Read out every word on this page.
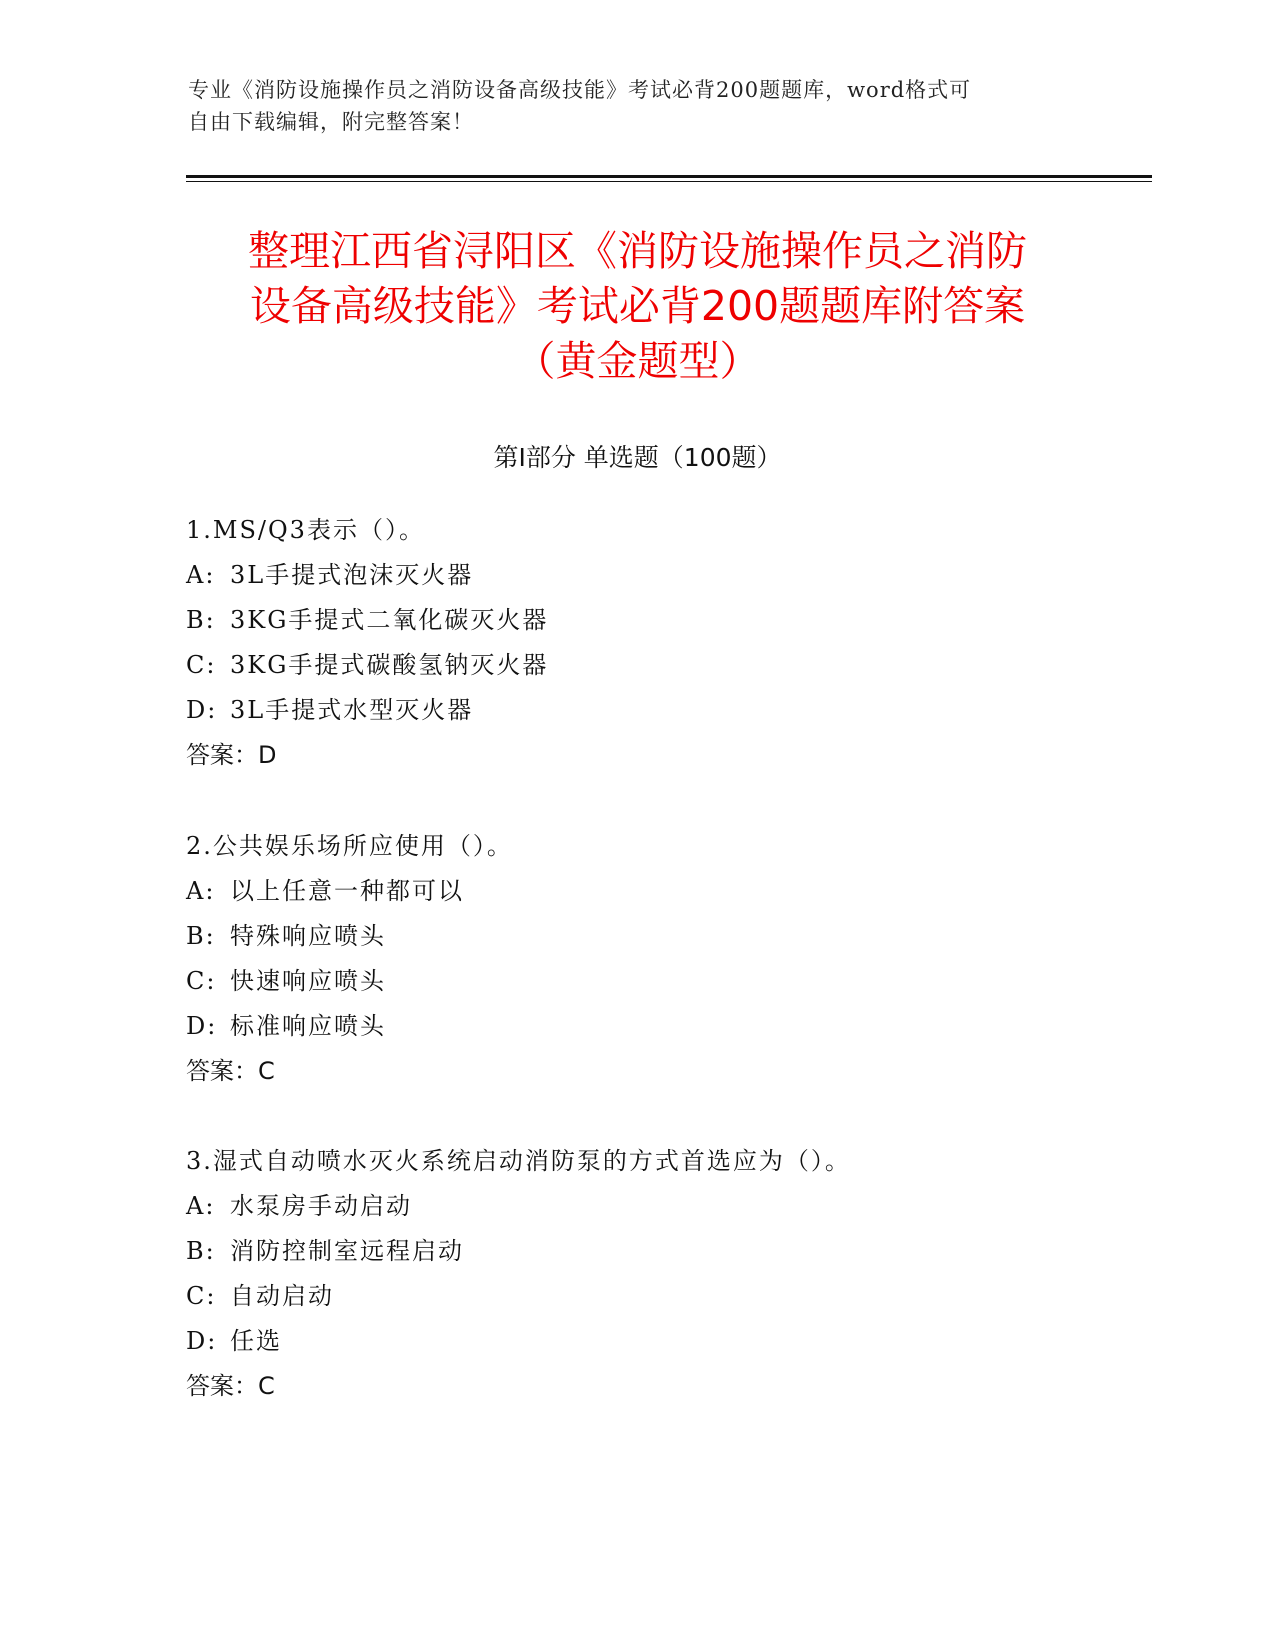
专业《消防设施操作员之消防设备高级技能》考试必背200题题库，word格式可
自由下载编辑，附完整答案！
整理江西省浔阳区《消防设施操作员之消防
设备高级技能》考试必背200题题库附答案
（黄金题型）
第Ⅰ部分 单选题（100题）
1.MS/Q3表示（）。
A: 3L手提式泡沫灭火器
B: 3KG手提式二氧化碳灭火器
C: 3KG手提式碳酸氢钠灭火器
D: 3L手提式水型灭火器
答案：D
2.公共娱乐场所应使用（）。
A: 以上任意一种都可以
B: 特殊响应喷头
C: 快速响应喷头
D: 标准响应喷头
答案：C
3.湿式自动喷水灭火系统启动消防泵的方式首选应为（）。
A: 水泵房手动启动
B: 消防控制室远程启动
C: 自动启动
D: 任选
答案：C
